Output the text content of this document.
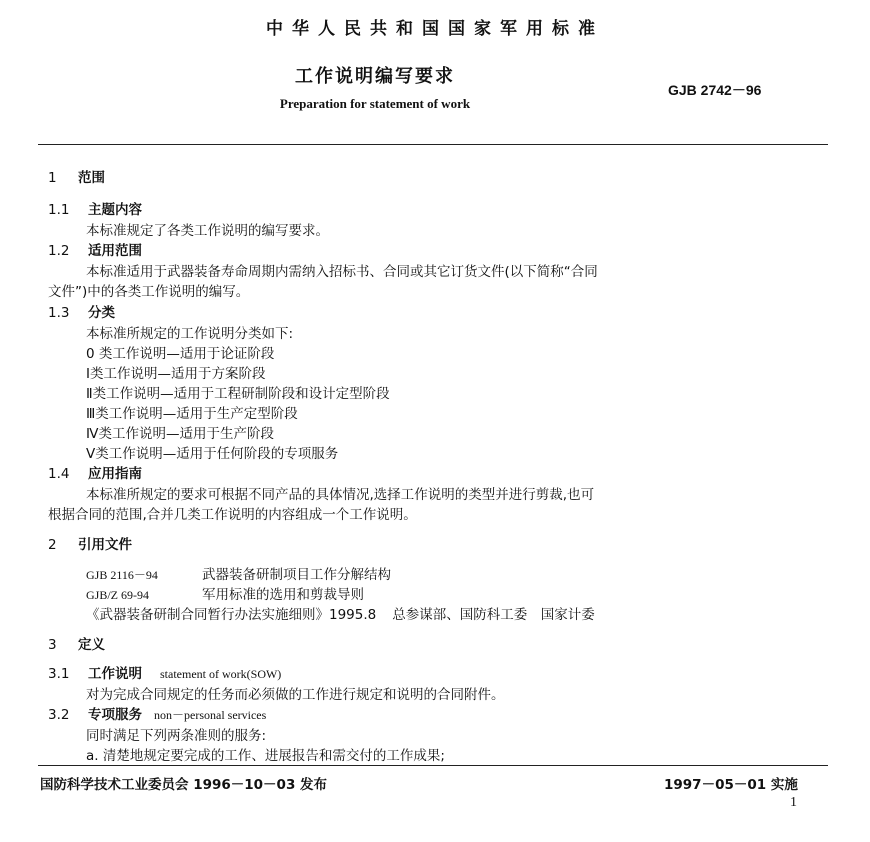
中华人民共和国国家军用标准
工作说明编写要求
GJB 2742－96
Preparation for statement of work
1 范围
1.1 主题内容
本标准规定了各类工作说明的编写要求。
1.2 适用范围
本标准适用于武器装备寿命周期内需纳入招标书、合同或其它订货文件(以下简称“合同
文件”)中的各类工作说明的编写。
1.3 分类
本标准所规定的工作说明分类如下:
0 类工作说明—适用于论证阶段
Ⅰ类工作说明—适用于方案阶段
Ⅱ类工作说明—适用于工程研制阶段和设计定型阶段
Ⅲ类工作说明—适用于生产定型阶段
Ⅳ类工作说明—适用于生产阶段
Ⅴ类工作说明—适用于任何阶段的专项服务
1.4 应用指南
本标准所规定的要求可根据不同产品的具体情况,选择工作说明的类型并进行剪裁,也可
根据合同的范围,合并几类工作说明的内容组成一个工作说明。
2 引用文件
GJB 2116－94	武器装备研制项目工作分解结构
GJB/Z 69-94	军用标准的选用和剪裁导则
《武器装备研制合同暂行办法实施细则》1995.8 总参谋部、国防科工委　国家计委
3 定义
3.1 工作说明 statement of work(SOW)
对为完成合同规定的任务而必须做的工作进行规定和说明的合同附件。
3.2 专项服务 non－personal services
同时满足下列两条准则的服务:
a. 清楚地规定要完成的工作、进展报告和需交付的工作成果;
国防科学技术工业委员会 1996－10－03 发布	1997－05－01 实施
1
